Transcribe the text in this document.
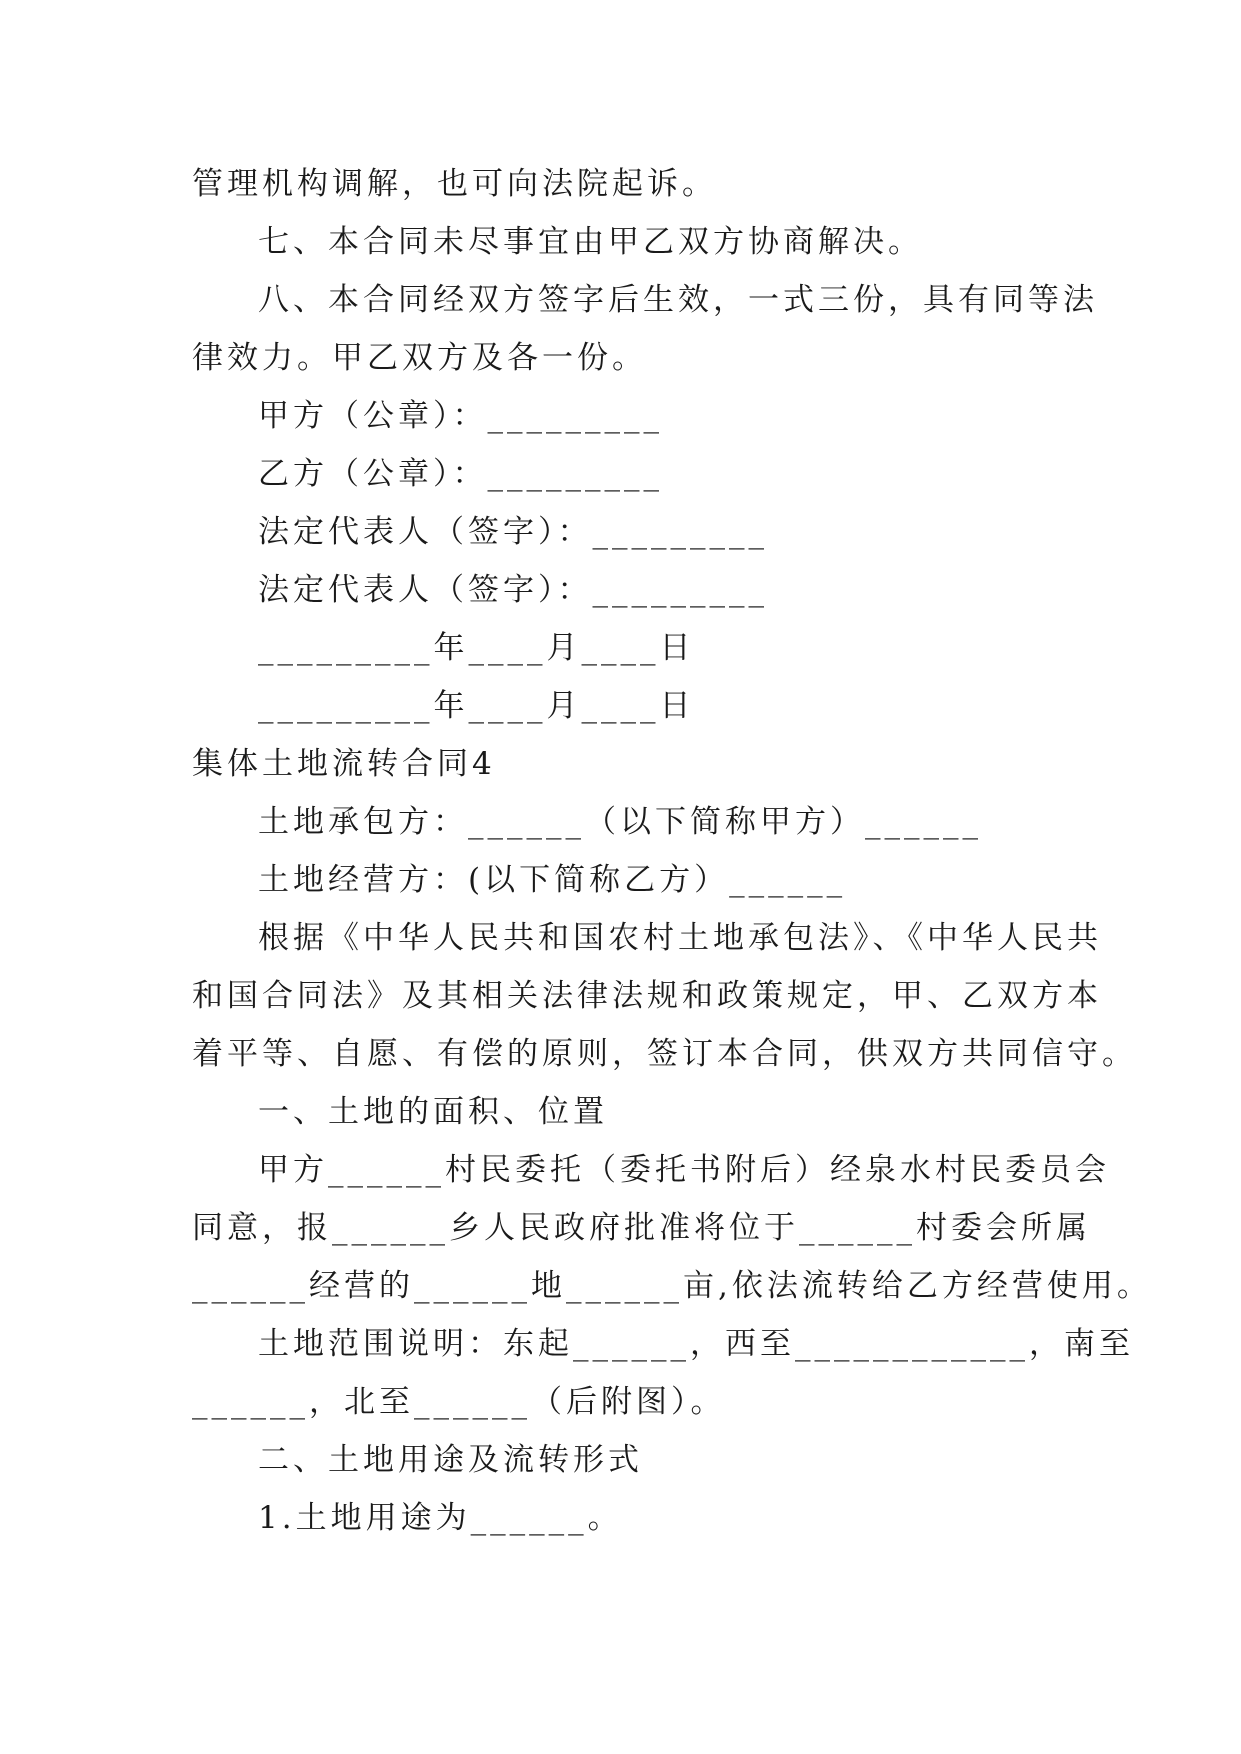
管理机构调解，也可向法院起诉。
七、本合同未尽事宜由甲乙双方协商解决。
八、本合同经双方签字后生效，一式三份，具有同等法
律效力。甲乙双方及各一份。
甲方（公章）：_________
乙方（公章）：_________
法定代表人（签字）：_________
法定代表人（签字）：_________
_________年____月____日
_________年____月____日
集体土地流转合同4
土地承包方：______（以下简称甲方）______
土地经营方：(以下简称乙方）______
根据《中华人民共和国农村土地承包法》、《中华人民共
和国合同法》及其相关法律法规和政策规定，甲、乙双方本
着平等、自愿、有偿的原则，签订本合同，供双方共同信守。
一、土地的面积、位置
甲方______村民委托（委托书附后）经泉水村民委员会
同意，报______乡人民政府批准将位于______村委会所属
______经营的______地______亩,依法流转给乙方经营使用。
土地范围说明：东起______，西至____________，南至
______，北至______（后附图）。
二、土地用途及流转形式
1.土地用途为______。
